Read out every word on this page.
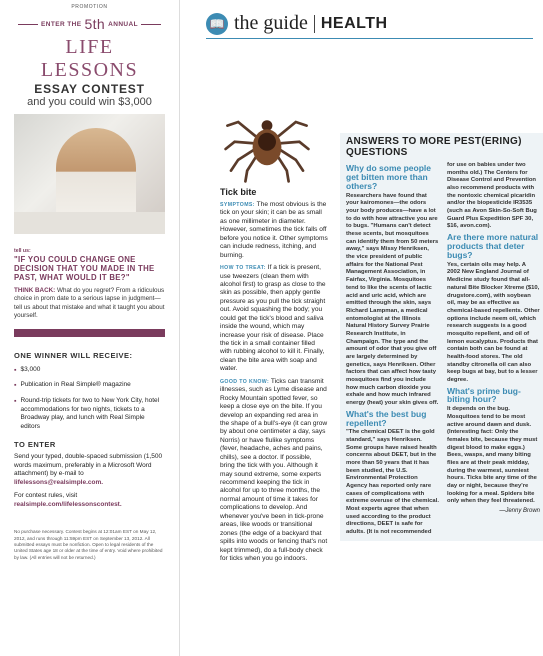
PROMOTION
ENTER THE 5th ANNUAL
LIFE LESSONS
ESSAY CONTEST
and you could win $3,000
tell us:
"IF YOU COULD CHANGE ONE DECISION THAT YOU MADE IN THE PAST, WHAT WOULD IT BE?"
THINK BACK: What do you regret? From a ridiculous choice in prom date to a serious lapse in judgment—tell us about that mistake and what it taught you about yourself.
ONE WINNER WILL RECEIVE:
▪ $3,000
▪ Publication in Real Simple® magazine
▪ Round-trip tickets for two to New York City, hotel accommodations for two nights, tickets to a Broadway play, and lunch with Real Simple editors
TO ENTER
Send your typed, double-spaced submission (1,500 words maximum, preferably in a Microsoft Word attachment) by e-mail to lifelessons@realsimple.com.
For contest rules, visit realsimple.com/lifelessonscontest.
No purchase necessary. Contest begins at 12:01am EST on May 12, 2012, and runs through 11:59pm EST on September 13, 2012. All submitted essays must be nonfiction. Open to legal residents of the United States age 18 or older at the time of entry. Void where prohibited by law. (All entries will not be returned.)
📖 the guide HEALTH
Tick bite
SYMPTOMS: The most obvious is the tick on your skin; it can be as small as one millimeter in diameter. However, sometimes the tick falls off before you notice it. Other symptoms can include redness, itching, and burning.
HOW TO TREAT: If a tick is present, use tweezers (clean them with alcohol first) to grasp as close to the skin as possible, then apply gentle pressure as you pull the tick straight out. Avoid squashing the body; you could get the tick's blood and saliva inside the wound, which may increase your risk of disease. Place the tick in a small container filled with rubbing alcohol to kill it. Finally, clean the bite area with soap and water.
GOOD TO KNOW: Ticks can transmit illnesses, such as Lyme disease and Rocky Mountain spotted fever, so keep a close eye on the bite. If you develop an expanding red area in the shape of a bull's-eye (it can grow by about one centimeter a day, says Norris) or have flulike symptoms (fever, headache, aches and pains, chills), see a doctor. If possible, bring the tick with you. Although it may sound extreme, some experts recommend keeping the tick in alcohol for up to three months, the normal amount of time it takes for complications to develop. And whenever you've been in tick-prone areas, like woods or transitional zones (the edge of a backyard that spills into woods or fencing that's not kept trimmed), do a full-body check for ticks when you go indoors.
ANSWERS TO MORE PEST(ERING) QUESTIONS
Why do some people get bitten more than others?
Researchers have found that your kairomones—the odors your body produces—have a lot to do with how attractive you are to bugs. "Humans can't detect these scents, but mosquitoes can identify them from 50 meters away," says Missy Henriksen, the vice president of public affairs for the National Pest Management Association, in Fairfax, Virginia. Mosquitoes tend to like the scents of lactic acid and uric acid, which are emitted through the skin, says Richard Lampman, a medical entomologist at the Illinois Natural History Survey Prairie Research Institute, in Champaign. The type and the amount of odor that you give off are largely determined by genetics, says Henriksen. Other factors that can affect how tasty mosquitoes find you include how much carbon dioxide you exhale and how much infrared energy (heat) your skin gives off.
What's the best bug repellent?
"The chemical DEET is the gold standard," says Henriksen. Some groups have raised health concerns about DEET, but in the more than 50 years that it has been studied, the U.S. Environmental Protection Agency has reported only rare cases of complications with extreme overuse of the chemical. Most experts agree that when used according to the product directions, DEET is safe for adults. (It is not recommended
for use on babies under two months old.) The Centers for Disease Control and Prevention also recommend products with the nontoxic chemical picaridin and/or the biopesticide IR3535 (such as Avon Skin-So-Soft Bug Guard Plus Expedition SPF 30, $16, avon.com).
Are there more natural products that deter bugs?
Yes, certain oils may help. A 2002 New England Journal of Medicine study found that all-natural Bite Blocker Xtreme ($10, drugstore.com), with soybean oil, may be as effective as chemical-based repellents. Other options include neem oil, which research suggests is a good mosquito repellent, and oil of lemon eucalyptus. Products that contain both can be found at health-food stores. The old standby citronella oil can also keep bugs at bay, but to a lesser degree.
What's prime bug-biting hour?
It depends on the bug. Mosquitoes tend to be most active around dawn and dusk. (Interesting fact: Only the females bite, because they must digest blood to make eggs.) Bees, wasps, and many biting flies are at their peak midday, during the warmest, sunniest hours. Ticks bite any time of the day or night, because they're looking for a meal. Spiders bite only when they feel threatened.
—Jenny Brown
